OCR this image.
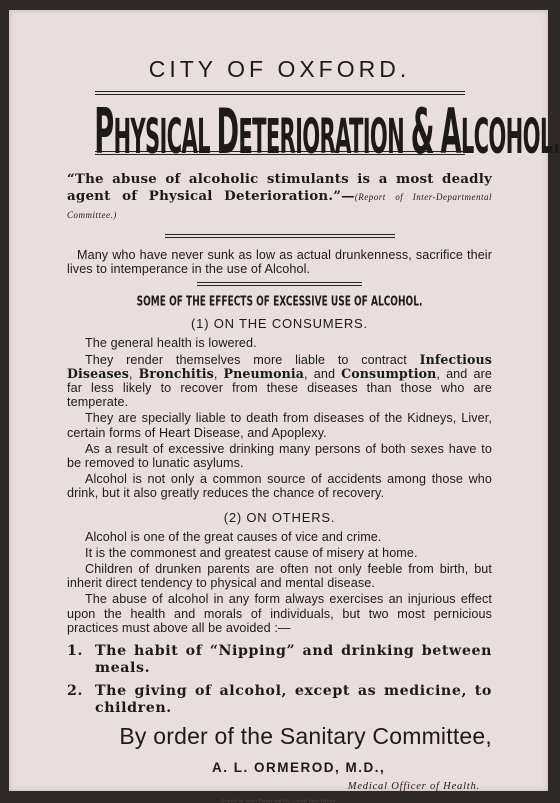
CITY OF OXFORD.
PHYSICAL DETERIORATION & ALCOHOL.
“The abuse of alcoholic stimulants is a most deadly agent of Physical Deterioration.”—(Report of Inter-Departmental Committee.)
Many who have never sunk as low as actual drunkenness, sacrifice their lives to intemperance in the use of Alcohol.
SOME OF THE EFFECTS OF EXCESSIVE USE OF ALCOHOL.
(1) ON THE CONSUMERS.
The general health is lowered.
They render themselves more liable to contract Infectious Diseases, Bronchitis, Pneumonia, and Consumption, and are far less likely to recover from these diseases than those who are temperate.
They are specially liable to death from diseases of the Kidneys, Liver, certain forms of Heart Disease, and Apoplexy.
As a result of excessive drinking many persons of both sexes have to be removed to lunatic asylums.
Alcohol is not only a common source of accidents among those who drink, but it also greatly reduces the chance of recovery.
(2) ON OTHERS.
Alcohol is one of the great causes of vice and crime.
It is the commonest and greatest cause of misery at home.
Children of drunken parents are often not only feeble from birth, but inherit direct tendency to physical and mental disease.
The abuse of alcohol in any form always exercises an injurious effect upon the health and morals of individuals, but two most pernicious practices must above all be avoided :—
1. The habit of “Nipping” and drinking between meals.
2. The giving of alcohol, except as medicine, to children.
By order of the Sanitary Committee,
A. L. ORMEROD, M.D.,
Medical Officer of Health.
Printed by James Parker and Co., Crown Yard, Oxford.
